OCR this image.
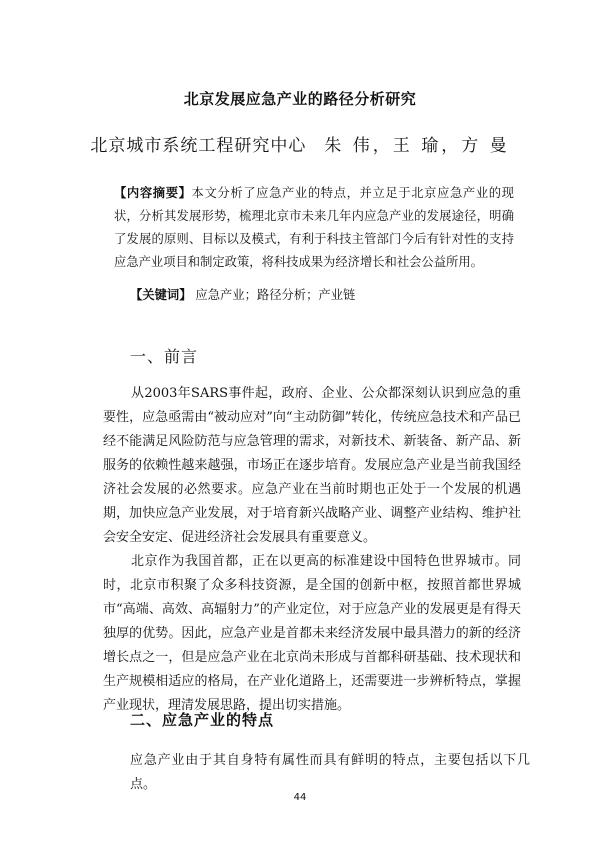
北京发展应急产业的路径分析研究
北京城市系统工程研究中心 朱 伟，王 瑜，方 曼
【内容摘要】本文分析了应急产业的特点，并立足于北京应急产业的现状，分析其发展形势，梳理北京市未来几年内应急产业的发展途径，明确了发展的原则、目标以及模式，有利于科技主管部门今后有针对性的支持应急产业项目和制定政策，将科技成果为经济增长和社会公益所用。
【关键词】 应急产业；路径分析；产业链
一、前言
从2003年SARS事件起，政府、企业、公众都深刻认识到应急的重要性，应急亟需由“被动应对”向“主动防御”转化，传统应急技术和产品已经不能满足风险防范与应急管理的需求，对新技术、新装备、新产品、新服务的依赖性越来越强，市场正在逐步培育。发展应急产业是当前我国经济社会发展的必然要求。应急产业在当前时期也正处于一个发展的机遇期，加快应急产业发展，对于培育新兴战略产业、调整产业结构、维护社会安全安定、促进经济社会发展具有重要意义。
北京作为我国首都，正在以更高的标准建设中国特色世界城市。同时，北京市积聚了众多科技资源，是全国的创新中枢，按照首都世界城市“高端、高效、高辐射力”的产业定位，对于应急产业的发展更是有得天独厚的优势。因此，应急产业是首都未来经济发展中最具潜力的新的经济增长点之一，但是应急产业在北京尚未形成与首都科研基础、技术现状和生产规模相适应的格局，在产业化道路上，还需要进一步辨析特点，掌握产业现状，理清发展思路，提出切实措施。
二、应急产业的特点
应急产业由于其自身特有属性而具有鲜明的特点，主要包括以下几点。
44
